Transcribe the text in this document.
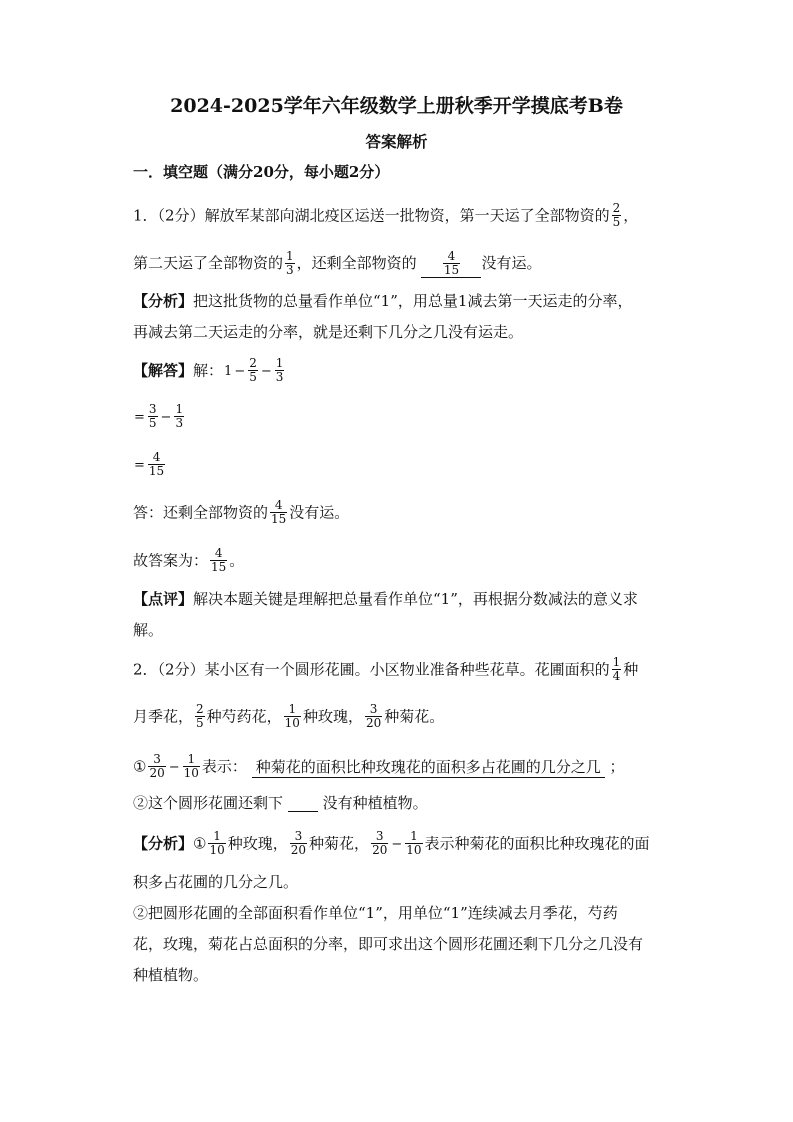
2024-2025学年六年级数学上册秋季开学摸底考B卷
答案解析
一．填空题（满分20分，每小题2分）
1．（2分）解放军某部向湖北疫区运送一批物资，第一天运了全部物资的 $\frac{2}{5}$ ，
第二天运了全部物资的 $\frac{1}{3}$ ，还剩全部物资的 $\frac{4}{15}$ 没有运。
【分析】把这批货物的总量看作单位“1”，用总量1减去第一天运走的分率，
再减去第二天运走的分率，就是还剩下几分之几没有运走。
【解答】解：$1 - \frac{2}{5} - \frac{1}{3}$
= $\frac{3}{5} - \frac{1}{3}$
= $\frac{4}{15}$
答：还剩全部物资的 $\frac{4}{15}$ 没有运。
故答案为： $\frac{4}{15}$ 。
【点评】解决本题关键是理解把总量看作单位“1”，再根据分数减法的意义求
解。
2．（2分）某小区有一个圆形花圃。小区物业准备种些花草。花圃面积的 $\frac{1}{4}$ 种
月季花， $\frac{2}{5}$ 种芍药花， $\frac{1}{10}$ 种玫瑰， $\frac{3}{20}$ 种菊花。
① $\frac{3}{20} - \frac{1}{10}$ 表示： 种菊花的面积比种玫瑰花的面积多占花圃的几分之几 ；
②这个圆形花圃还剩下	没有种植植物。
【分析】① $\frac{1}{10}$ 种玫瑰， $\frac{3}{20}$ 种菊花， $\frac{3}{20} - \frac{1}{10}$ 表示种菊花的面积比种玫瑰花的面
积多占花圃的几分之几。
②把圆形花圃的全部面积看作单位“1”，用单位“1”连续减去月季花，芍药
花，玫瑰，菊花占总面积的分率，即可求出这个圆形花圃还剩下几分之几没有
种植植物。
